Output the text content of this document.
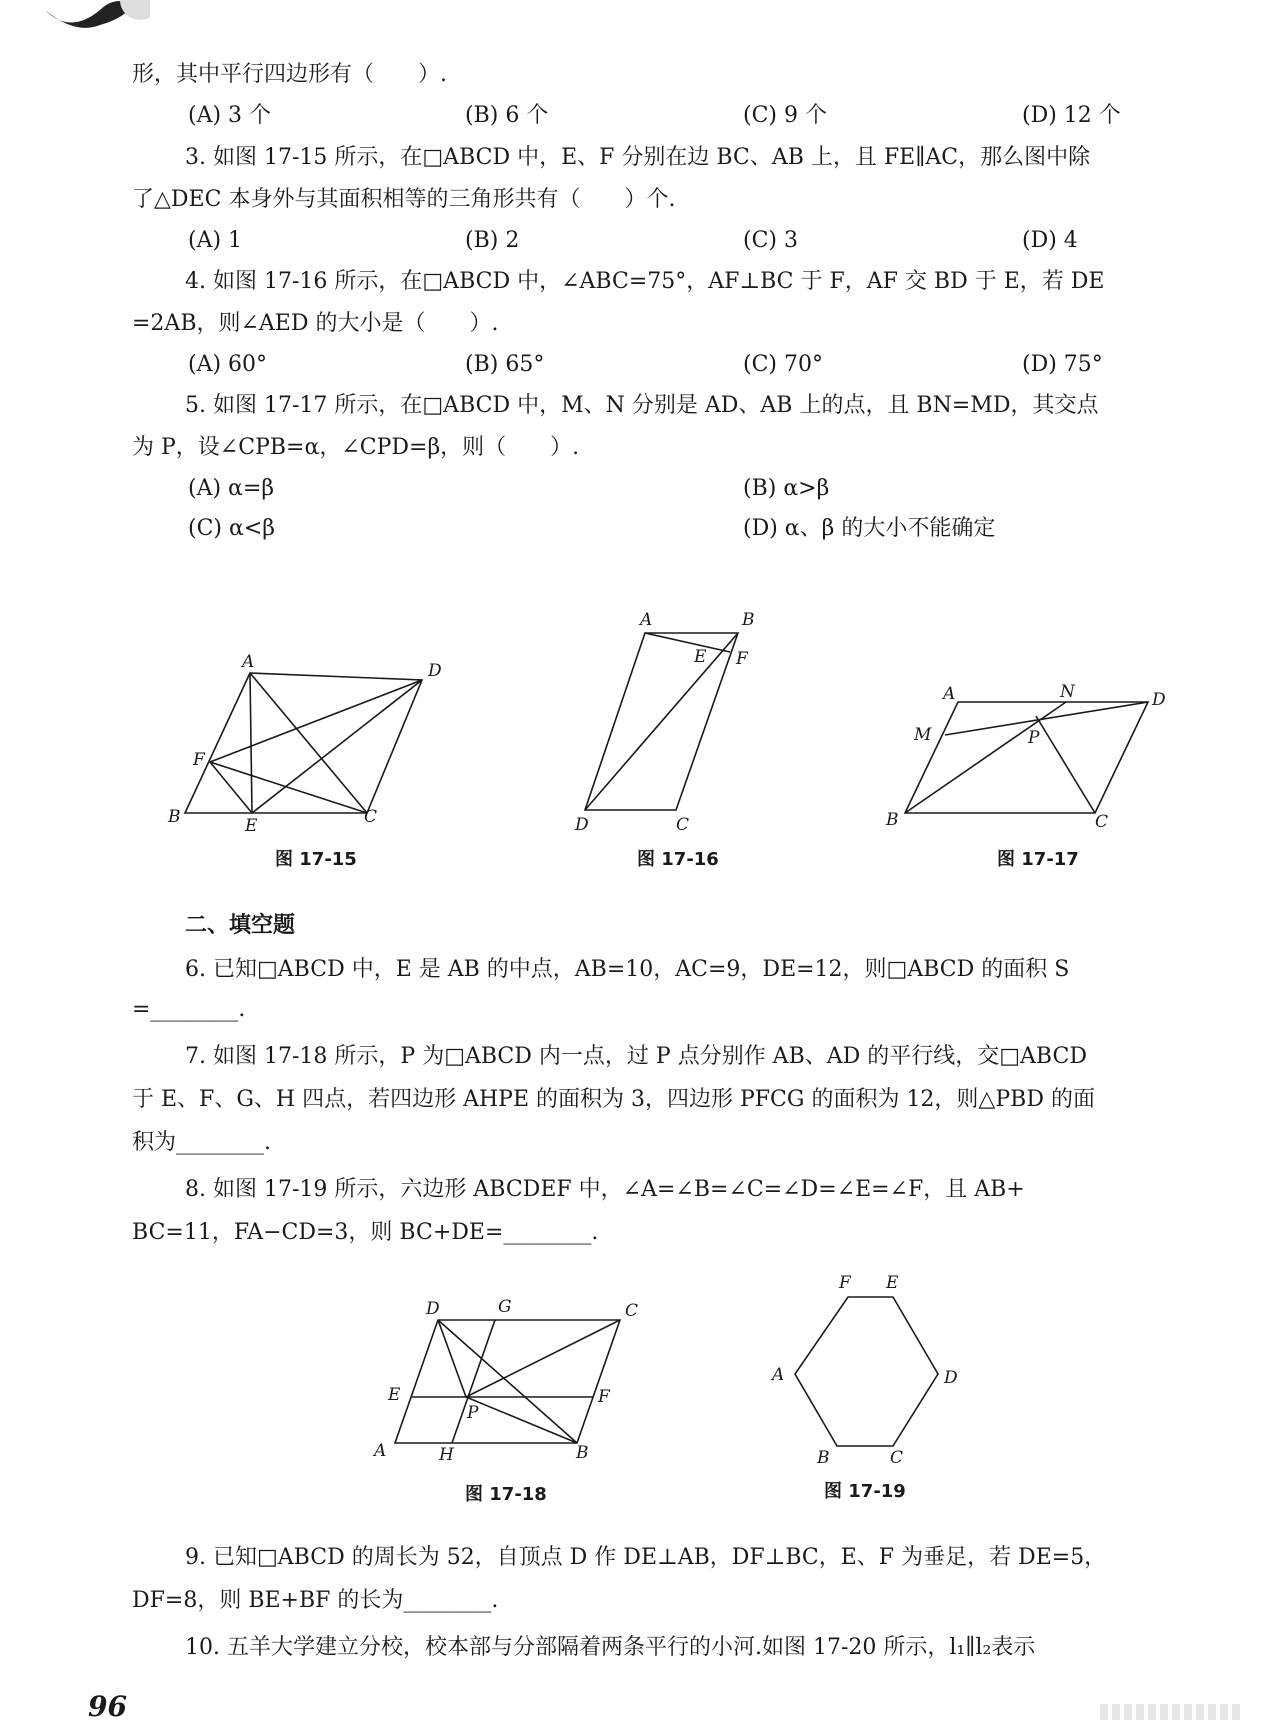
形，其中平行四边形有（　　）.
(A) 3 个	(B) 6 个	(C) 9 个	(D) 12 个
3. 如图 17-15 所示，在□ABCD 中，E、F 分别在边 BC、AB 上，且 FE∥AC，那么图中除
了△DEC 本身外与其面积相等的三角形共有（　　）个.
(A) 1	(B) 2	(C) 3	(D) 4
4. 如图 17-16 所示，在□ABCD 中，∠ABC=75°，AF⊥BC 于 F，AF 交 BD 于 E，若 DE
=2AB，则∠AED 的大小是（　　）.
(A) 60°	(B) 65°	(C) 70°	(D) 75°
5. 如图 17-17 所示，在□ABCD 中，M、N 分别是 AD、AB 上的点，且 BN=MD，其交点
为 P，设∠CPB=α，∠CPD=β，则（　　）.
(A) α=β	(B) α>β
(C) α<β	(D) α、β 的大小不能确定
A	D
F
B	E	C
图 17-15
A	B
E F
D	C
图 17-16
A	N	D
M	P
B	C
图 17-17
二、填空题
6. 已知□ABCD 中，E 是 AB 的中点，AB=10，AC=9，DE=12，则□ABCD 的面积 S
=________.
7. 如图 17-18 所示，P 为□ABCD 内一点，过 P 点分别作 AB、AD 的平行线，交□ABCD
于 E、F、G、H 四点，若四边形 AHPE 的面积为 3，四边形 PFCG 的面积为 12，则△PBD 的面
积为________.
8. 如图 17-19 所示，六边形 ABCDEF 中，∠A=∠B=∠C=∠D=∠E=∠F，且 AB+
BC=11，FA−CD=3，则 BC+DE=________.
D	G	C
E
P
F
A	H	B
图 17-18
F E
A	D
B	C
图 17-19
9. 已知□ABCD 的周长为 52，自顶点 D 作 DE⊥AB，DF⊥BC，E、F 为垂足，若 DE=5，
DF=8，则 BE+BF 的长为________.
10. 五羊大学建立分校，校本部与分部隔着两条平行的小河.如图 17-20 所示，l₁∥l₂表示
96
